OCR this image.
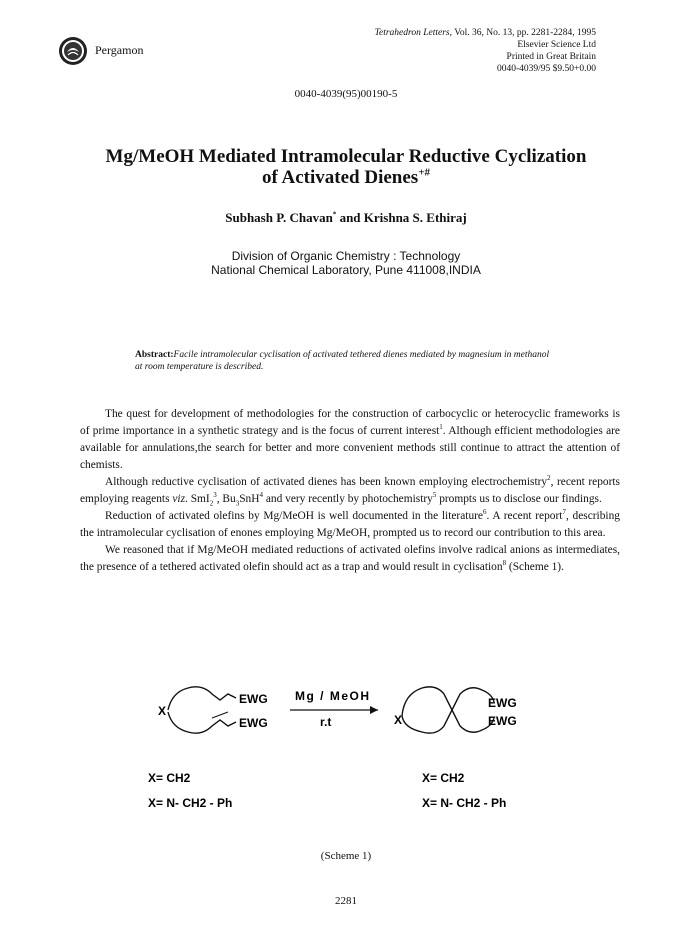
Pergamon
Tetrahedron Letters, Vol. 36, No. 13, pp. 2281-2284, 1995
Elsevier Science Ltd
Printed in Great Britain
0040-4039/95 $9.50+0.00
0040-4039(95)00190-5
Mg/MeOH Mediated Intramolecular Reductive Cyclization
of Activated Dienes+#
Subhash P. Chavan* and Krishna S. Ethiraj
Division of Organic Chemistry : Technology
National Chemical Laboratory, Pune 411008,INDIA
Abstract:Facile intramolecular cyclisation of activated tethered dienes mediated by magnesium in methanol at room temperature is described.

The quest for development of methodologies for the construction of carbocyclic or heterocyclic frameworks is of prime importance in a synthetic strategy and is the focus of current interest$^1$. Although efficient methodologies are available for annulations,the search for better and more convenient methods still continue to attract the attention of chemists.

Although reductive cyclisation of activated dienes has been known employing electrochemistry$^2$, recent reports employing reagents viz. SmI$_2^3$, $Bu_3SnH^4$ and very recently by photochemistry$^5$ prompts us to disclose our findings.

Reduction of activated olefins by Mg/MeOH is well documented in the literature$^6$. A recent report$^7$, describing the intramolecular cyclisation of enones employing Mg/MeOH, prompted us to record our contribution to this area.

We reasoned that if Mg/MeOH mediated reductions of activated olefins involve radical anions as intermediates, the presence of a tethered activated olefin should act as a trap and would result in cyclisation$^8$ (Scheme 1).

X
EWG
EWG
Mg / MeOH
r.t	X
EWG
EWG
X= CH2
X= N- CH2 - Ph
X= CH2
X= N- CH2 - Ph
(Scheme 1)
2281
